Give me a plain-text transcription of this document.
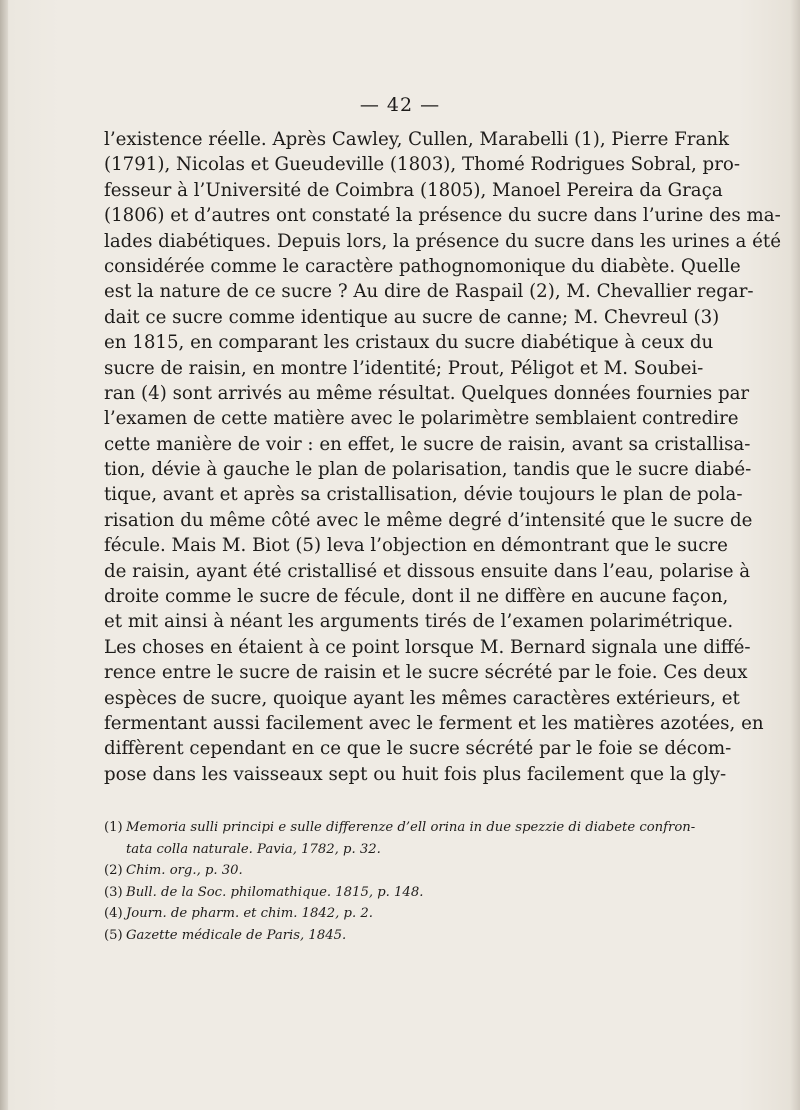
— 42 —
l’existence réelle. Après Cawley, Cullen, Marabelli (1), Pierre Frank
(1791), Nicolas et Gueudeville (1803), Thomé Rodrigues Sobral, pro-
fesseur à l’Université de Coimbra (1805), Manoel Pereira da Graça
(1806) et d’autres ont constaté la présence du sucre dans l’urine des ma-
lades diabétiques. Depuis lors, la présence du sucre dans les urines a été
considérée comme le caractère pathognomonique du diabète. Quelle
est la nature de ce sucre ? Au dire de Raspail (2), M. Chevallier regar-
dait ce sucre comme identique au sucre de canne; M. Chevreul (3)
en 1815, en comparant les cristaux du sucre diabétique à ceux du
sucre de raisin, en montre l’identité; Prout, Péligot et M. Soubei-
ran (4) sont arrivés au même résultat. Quelques données fournies par
l’examen de cette matière avec le polarimètre semblaient contredire
cette manière de voir : en effet, le sucre de raisin, avant sa cristallisa-
tion, dévie à gauche le plan de polarisation, tandis que le sucre diabé-
tique, avant et après sa cristallisation, dévie toujours le plan de pola-
risation du même côté avec le même degré d’intensité que le sucre de
fécule. Mais M. Biot (5) leva l’objection en démontrant que le sucre
de raisin, ayant été cristallisé et dissous ensuite dans l’eau, polarise à
droite comme le sucre de fécule, dont il ne diffère en aucune façon,
et mit ainsi à néant les arguments tirés de l’examen polarimétrique.
Les choses en étaient à ce point lorsque M. Bernard signala une diffé-
rence entre le sucre de raisin et le sucre sécrété par le foie. Ces deux
espèces de sucre, quoique ayant les mêmes caractères extérieurs, et
fermentant aussi facilement avec le ferment et les matières azotées, en
diffèrent cependant en ce que le sucre sécrété par le foie se décom-
pose dans les vaisseaux sept ou huit fois plus facilement que la gly-
(1) Memoria sulli principi e sulle differenze d’ell orina in due spezzie di diabete confron-
tata colla naturale. Pavia, 1782, p. 32.
(2) Chim. org., p. 30.
(3) Bull. de la Soc. philomathique. 1815, p. 148.
(4) Journ. de pharm. et chim. 1842, p. 2.
(5) Gazette médicale de Paris, 1845.
